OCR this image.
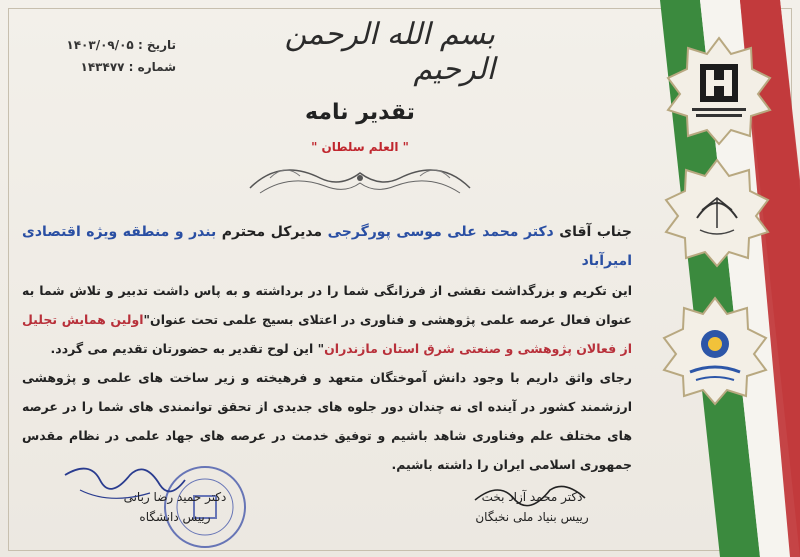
تاریخ : ۱۴۰۳/۰۹/۰۵
شماره : ۱۴۳۴۷۷
بسم الله الرحمن الرحیم
تقدیر نامه
" العلم سلطان "
جناب آقای دکتر محمد علی موسی پورگرجی مدیرکل محترم بندر و منطقه ویژه اقتصادی امیرآباد
این تکریم و بزرگداشت نقشی از فرزانگی شما را در برداشته و به پاس داشت تدبیر و تلاش شما به عنوان فعال عرصه علمی پژوهشی و فناوری در اعتلای بسیج علمی تحت عنوان"اولین همایش تجلیل از فعالان پژوهشی و صنعتی شرق استان مازندران" این لوح تقدیر به حضورتان تقدیم می گردد.
رجای واثق داریم با وجود دانش آموختگان متعهد و فرهیخته و زیر ساخت های علمی و پژوهشی ارزشمند کشور در آینده ای نه چندان دور جلوه های جدیدی از تحقق توانمندی های شما را در عرصه های مختلف علم وفناوری شاهد باشیم و توفیق خدمت در عرصه های جهاد علمی در نظام مقدس جمهوری اسلامی ایران را داشته باشیم.
دکتر حمید رضا ربانی
رییس دانشگاه
دکتر محمد آزاد بخت
رییس بنیاد ملی نخبگان
